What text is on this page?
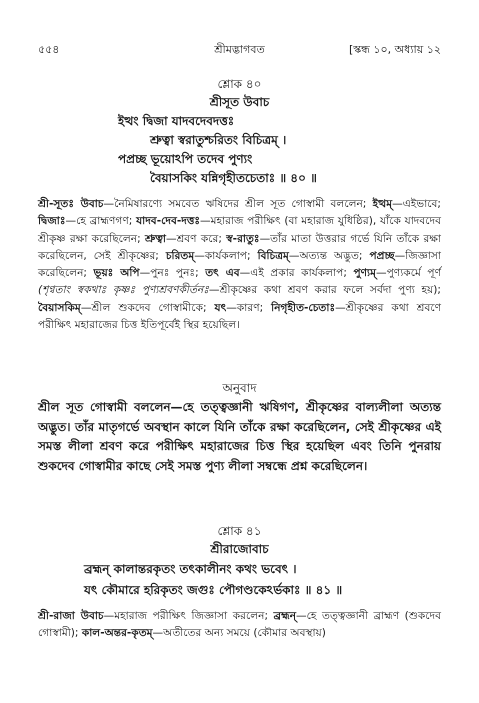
৫৫৪	শ্রীমদ্ভাগবত	[স্কন্ধ ১০, অধ্যায় ১২
শ্লোক ৪০
শ্রীসূত উবাচ
ইত্থং দ্বিজা যাদবদেবদত্তঃ
শ্রুত্বা স্বরাতুশ্চরিতং বিচিত্রম্ ।
পপ্রচ্ছ ভূয়োঽপি তদেব পুণ্যং
বৈয়াসকিং যন্নিগৃহীতচেতাঃ ॥ ৪০ ॥
শ্রী-সূতঃ উবাচ—নৈমিষারণ্যে সমবেত ঋষিদের শ্রীল সূত গোস্বামী বললেন; ইত্থম্—এইভাবে; দ্বিজাঃ—হে ব্রাহ্মণগণ; যাদব-দেব-দত্তঃ—মহারাজ পরীক্ষিৎ (বা মহারাজ যুধিষ্ঠির), যাঁকে যাদবদেব শ্রীকৃষ্ণ রক্ষা করেছিলেন; শ্রুত্বা—শ্রবণ করে; স্ব-রাতুঃ—তাঁর মাতা উত্তরার গর্ভে যিনি তাঁকে রক্ষা করেছিলেন, সেই শ্রীকৃষ্ণের; চরিতম্—কার্যকলাপ; বিচিত্রম্—অত্যন্ত অদ্ভুত; পপ্রচ্ছ—জিজ্ঞাসা করেছিলেন; ভূয়ঃ অপি—পুনঃ পুনঃ; তৎ এব—এই প্রকার কার্যকলাপ; পুণ্যম্—পুণ্যকর্মে পূর্ণ (শৃণ্বতাং স্বকথাঃ কৃষ্ণঃ পুণ্যশ্রবণকীর্তনঃ—শ্রীকৃষ্ণের কথা শ্রবণ করার ফলে সর্বদা পুণ্য হয়); বৈয়াসকিম্—শ্রীল শুকদেব গোস্বামীকে; যৎ—কারণ; নিগৃহীত-চেতাঃ—শ্রীকৃষ্ণের কথা শ্রবণে পরীক্ষিৎ মহারাজের চিত্ত ইতিপূর্বেই স্থির হয়েছিল।
অনুবাদ
শ্রীল সূত গোস্বামী বললেন—হে তত্ত্বজ্ঞানী ঋষিগণ, শ্রীকৃষ্ণের বাল্যলীলা অত্যন্ত অদ্ভুত। তাঁর মাতৃগর্ভে অবস্থান কালে যিনি তাঁকে রক্ষা করেছিলেন, সেই শ্রীকৃষ্ণের এই সমস্ত লীলা শ্রবণ করে পরীক্ষিৎ মহারাজের চিত্ত স্থির হয়েছিল এবং তিনি পুনরায় শুকদেব গোস্বামীর কাছে সেই সমস্ত পুণ্য লীলা সম্বন্ধে প্রশ্ন করেছিলেন।
শ্লোক ৪১
শ্রীরাজোবাচ
ব্রহ্মন্ কালান্তরকৃতং তৎকালীনং কথং ভবেৎ ।
যৎ কৌমারে হরিকৃতং জগুঃ পৌগণ্ডকেঽর্ভকাঃ ॥ ৪১ ॥
শ্রী-রাজা উবাচ—মহারাজ পরীক্ষিৎ জিজ্ঞাসা করলেন; ব্রহ্মন্—হে তত্ত্বজ্ঞানী ব্রাহ্মণ (শুকদেব গোস্বামী); কাল-অন্তর-কৃতম্—অতীতের অন্য সময়ে (কৌমার অবস্থায়)
